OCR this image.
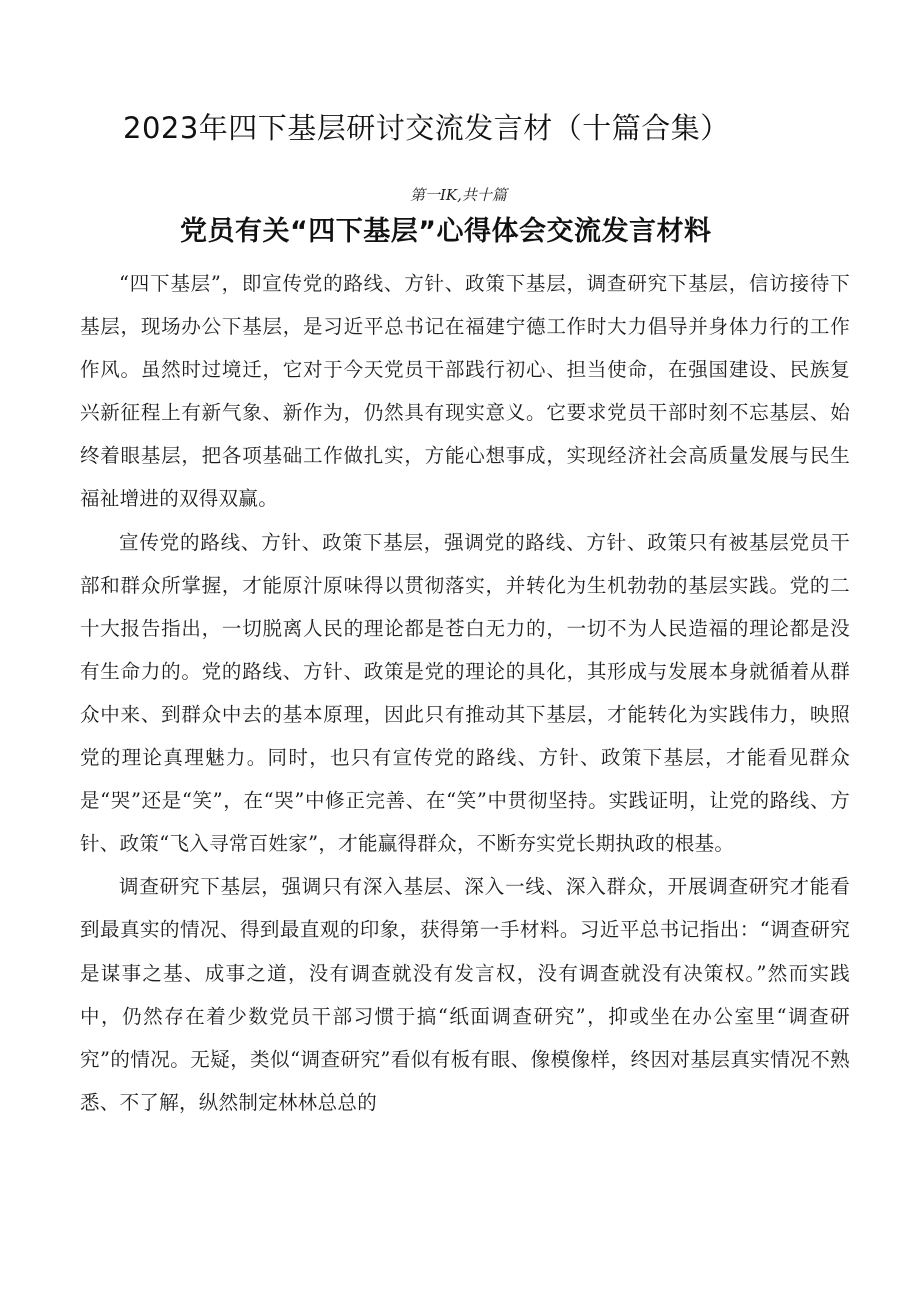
2023年四下基层研讨交流发言材（十篇合集）
第一IK,共十篇
党员有关“四下基层”心得体会交流发言材料

“四下基层”，即宣传党的路线、方针、政策下基层，调查研究下基层，信访接待下基层，现场办公下基层，是习近平总书记在福建宁德工作时大力倡导并身体力行的工作作风。虽然时过境迁，它对于今天党员干部践行初心、担当使命，在强国建设、民族复兴新征程上有新气象、新作为，仍然具有现实意义。它要求党员干部时刻不忘基层、始终着眼基层，把各项基础工作做扎实，方能心想事成，实现经济社会高质量发展与民生福祉增进的双得双赢。

宣传党的路线、方针、政策下基层，强调党的路线、方针、政策只有被基层党员干部和群众所掌握，才能原汁原味得以贯彻落实，并转化为生机勃勃的基层实践。党的二十大报告指出，一切脱离人民的理论都是苍白无力的，一切不为人民造福的理论都是没有生命力的。党的路线、方针、政策是党的理论的具化，其形成与发展本身就循着从群众中来、到群众中去的基本原理，因此只有推动其下基层，才能转化为实践伟力，映照党的理论真理魅力。同时，也只有宣传党的路线、方针、政策下基层，才能看见群众是“哭”还是“笑”，在“哭”中修正完善、在“笑”中贯彻坚持。实践证明，让党的路线、方针、政策“飞入寻常百姓家”，才能赢得群众，不断夯实党长期执政的根基。

调查研究下基层，强调只有深入基层、深入一线、深入群众，开展调查研究才能看到最真实的情况、得到最直观的印象，获得第一手材料。习近平总书记指出：“调查研究是谋事之基、成事之道，没有调查就没有发言权，没有调查就没有决策权。”然而实践中，仍然存在着少数党员干部习惯于搞“纸面调查研究”，抑或坐在办公室里“调查研究”的情况。无疑，类似“调查研究”看似有板有眼、像模像样，终因对基层真实情况不熟悉、不了解，纵然制定林林总总的
